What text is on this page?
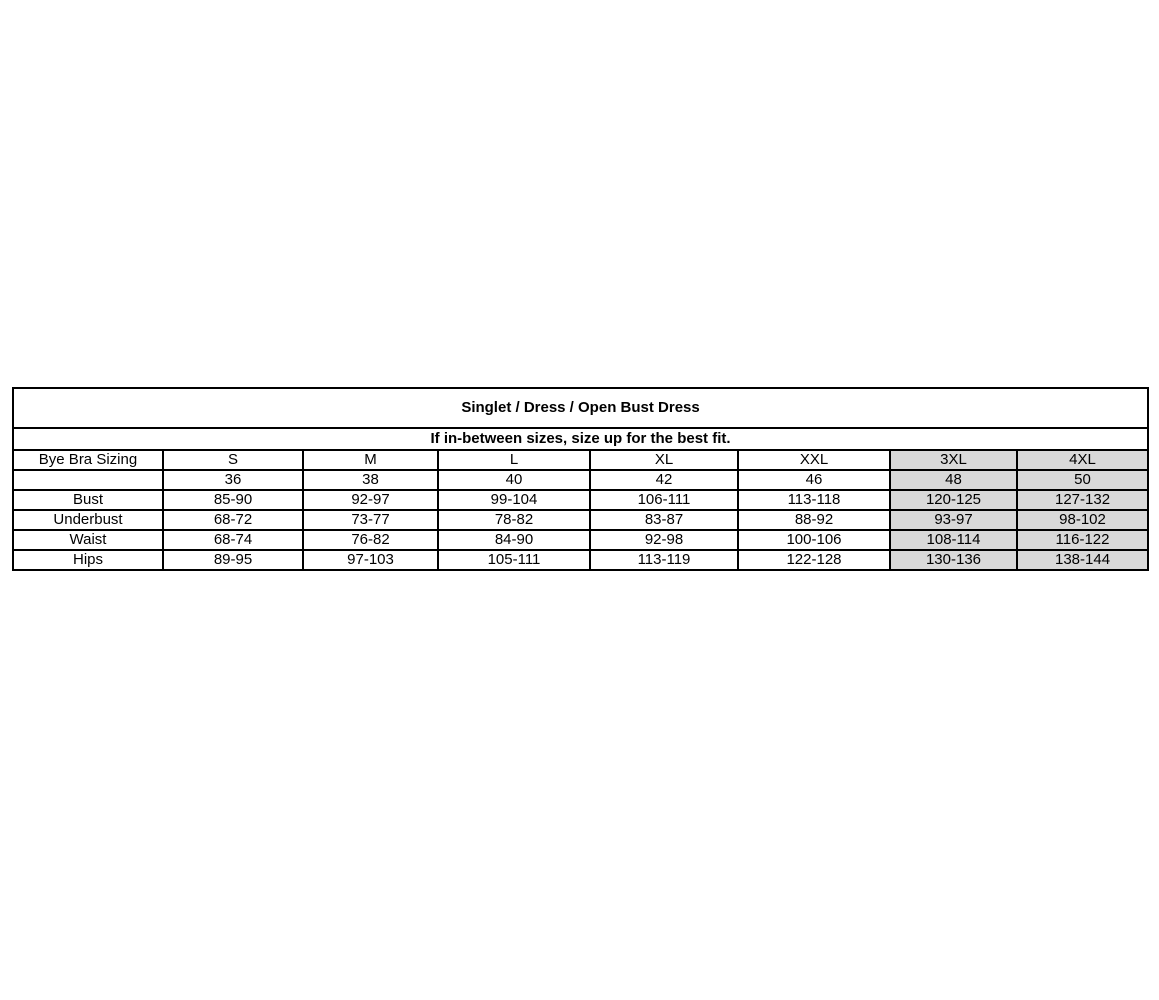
Singlet / Dress / Open Bust Dress							
If in-between sizes, size up for the best fit.							
Bye Bra Sizing	S	M	L	XL	XXL	3XL	4XL
	36	38	40	42	46	48	50
Bust	85-90	92-97	99-104	106-111	113-118	120-125	127-132
Underbust	68-72	73-77	78-82	83-87	88-92	93-97	98-102
Waist	68-74	76-82	84-90	92-98	100-106	108-114	116-122
Hips	89-95	97-103	105-111	113-119	122-128	130-136	138-144
